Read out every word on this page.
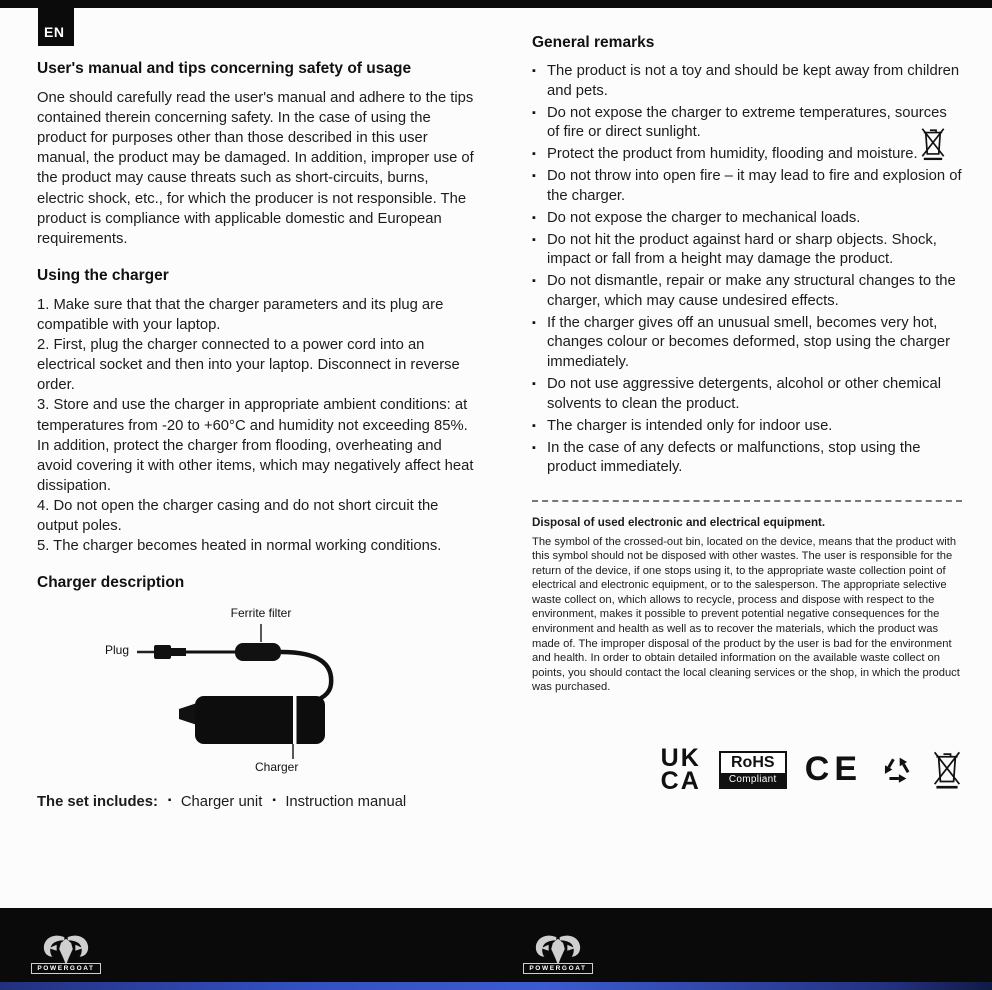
EN
User's manual and tips concerning safety of usage

One should carefully read the user's manual and adhere to the tips contained therein concerning safety. In the case of using the product for purposes other than those described in this user manual, the product may be damaged. In addition, improper use of the product may cause threats such as short-circuits, burns, electric shock, etc., for which the producer is not responsible. The product is compliance with applicable domestic and European requirements.

Using the charger

1. Make sure that that the charger parameters and its plug are compatible with your laptop.

2. First, plug the charger connected to a power cord into an electrical socket and then into your laptop. Disconnect in reverse order.

3. Store and use the charger in appropriate ambient conditions: at temperatures from -20 to +60°C and humidity not exceeding 85%. In addition, protect the charger from flooding, overheating and avoid covering it with other items, which may negatively affect heat dissipation.

4. Do not open the charger casing and do not short circuit the output poles.

5. The charger becomes heated in normal working conditions.

Charger description
Ferrite filter
Plug
Charger
The set includes:	▪ Charger unit	▪ Instruction manual
General remarks
▪ The product is not a toy and should be kept away from children and pets.
▪ Do not expose the charger to extreme temperatures, sources of fire or direct sunlight.
▪ Protect the product from humidity, flooding and moisture.
▪ Do not throw into open fire – it may lead to fire and explosion of the charger.
▪ Do not expose the charger to mechanical loads.
▪ Do not hit the product against hard or sharp objects. Shock, impact or fall from a height may damage the product.
▪ Do not dismantle, repair or make any structural changes to the charger, which may cause undesired effects.
▪ If the charger gives off an unusual smell, becomes very hot, changes colour or becomes deformed, stop using the charger immediately.
▪ Do not use aggressive detergents, alcohol or other chemical solvents to clean the product.
▪ The charger is intended only for indoor use.
▪ In the case of any defects or malfunctions, stop using the product immediately.

Disposal of used electronic and electrical equipment.

The symbol of the crossed-out bin, located on the device, means that the product with this symbol should not be disposed with other wastes. The user is responsible for the return of the device, if one stops using it, to the appropriate waste collection point of electrical and electronic equipment, or to the salesperson. The appropriate selective waste collect on, which allows to recycle, process and dispose with respect to the environment, makes it possible to prevent potential negative consequences for the environment and health as well as to recover the materials, which the product was made of. The improper disposal of the product by the user is bad for the environment and health. In order to obtain detailed information on the available waste collect on points, you should contact the local cleaning services or the shop, in which the product was purchased.

UK
CA
RoHS
Compliant CE
POWERGOAT	POWERGOAT
